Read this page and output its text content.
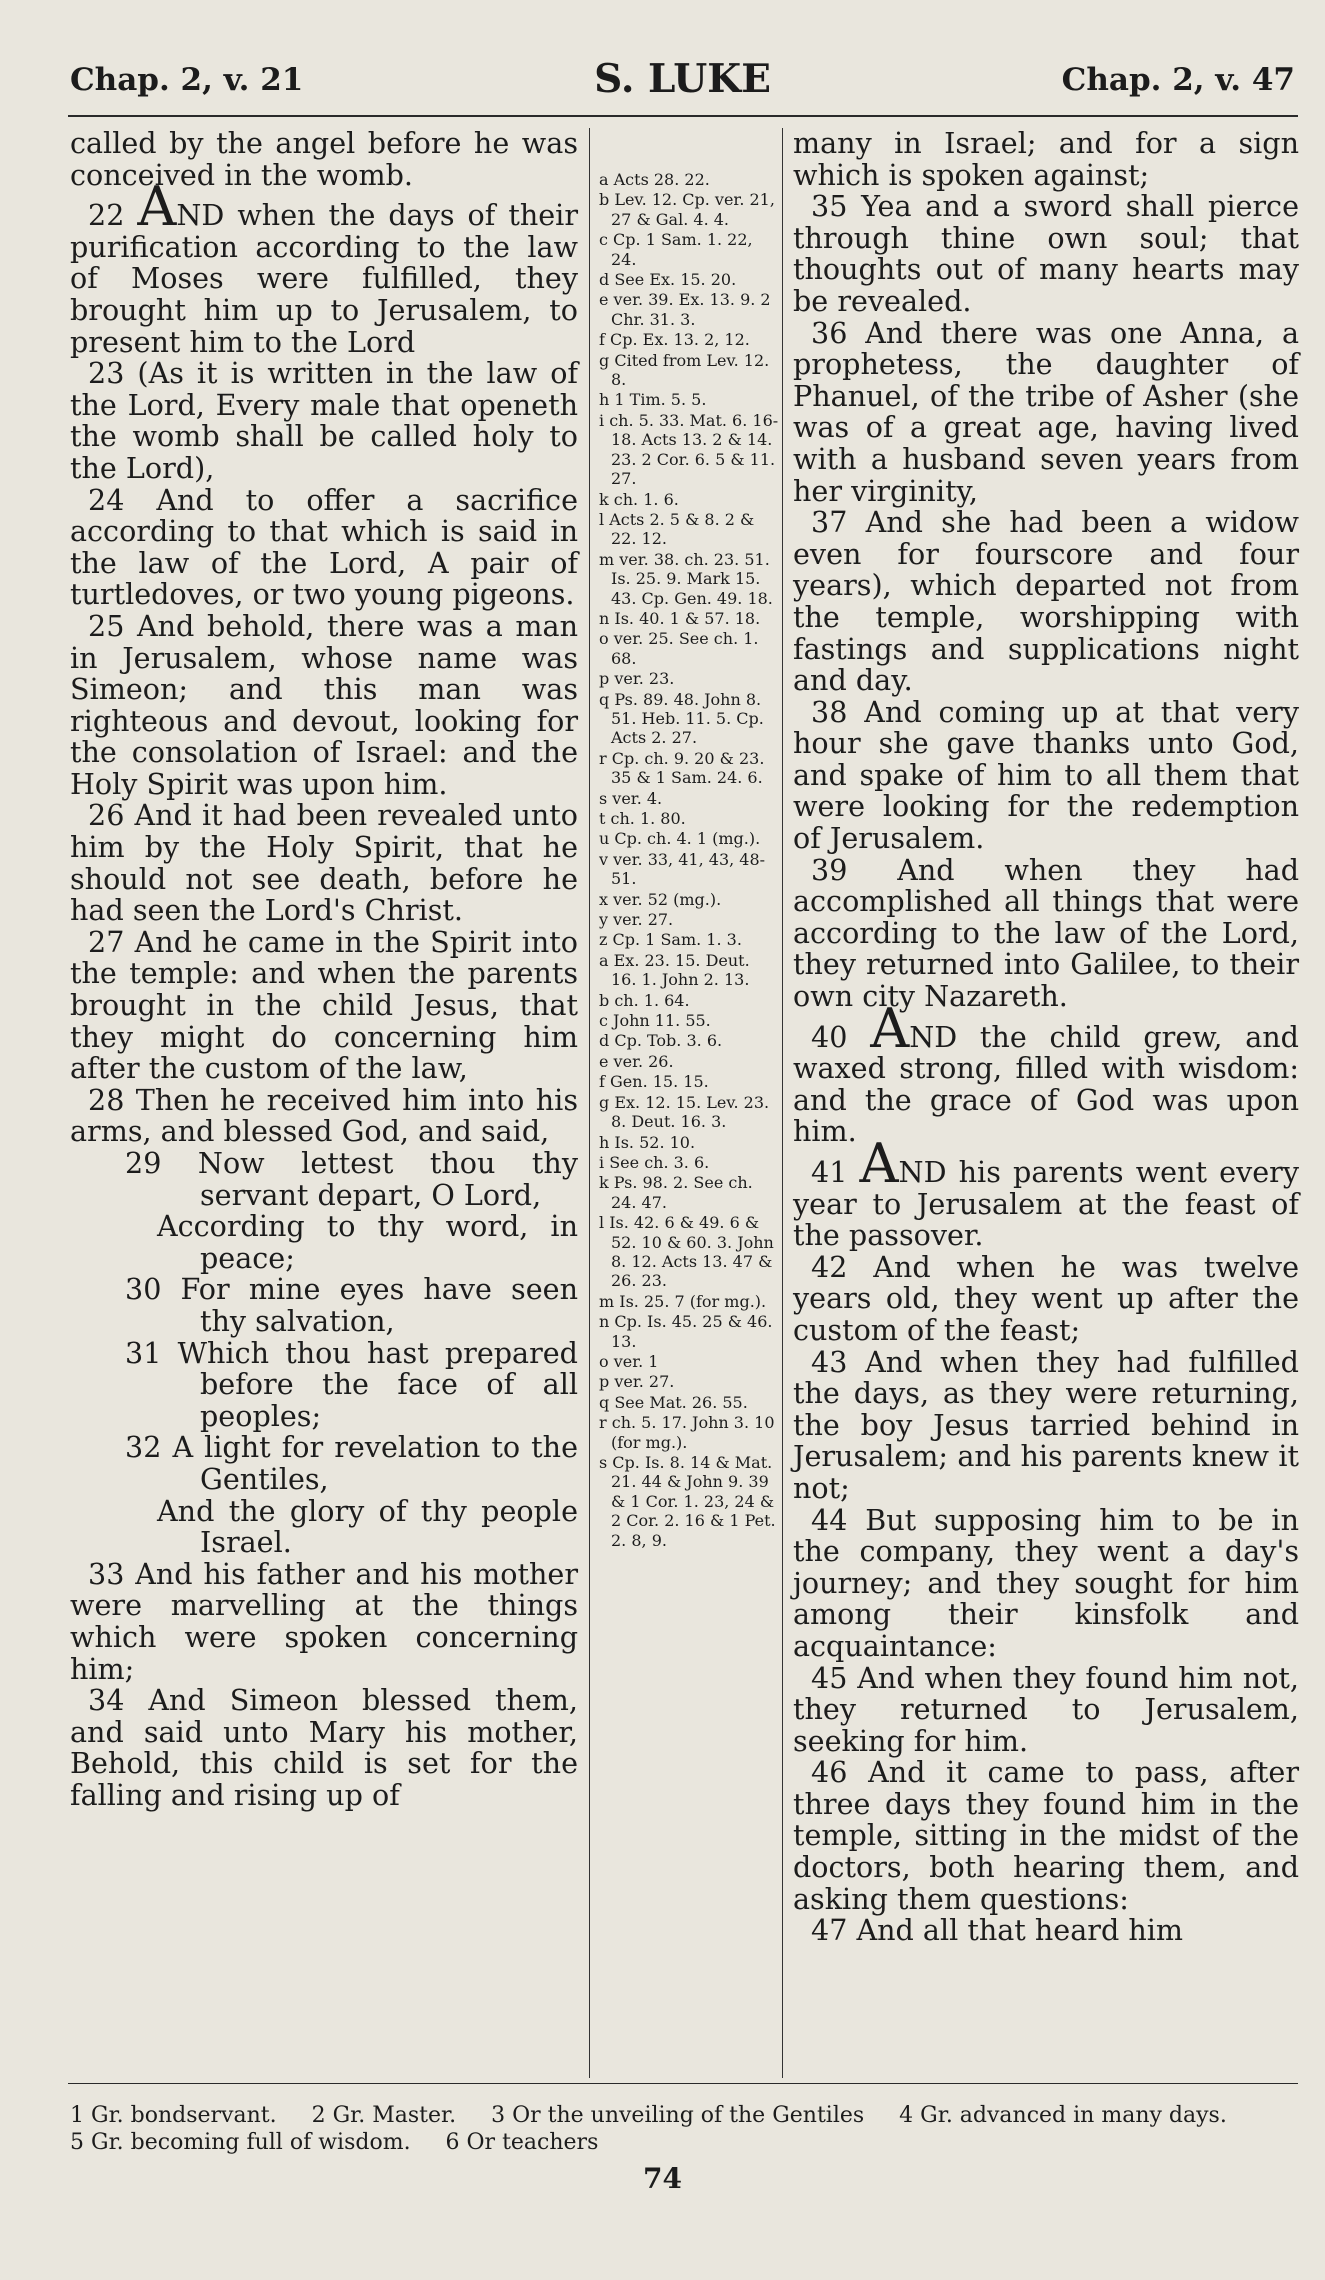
Chap. 2, v. 21	S. LUKE	Chap. 2, v. 47

called by the angel before he was conceived in the womb.

22 AND when the days of their purification according to the law of Moses were fulfilled, they brought him up to Jerusalem, to present him to the Lord

23 (As it is written in the law of the Lord, Every male that openeth the womb shall be called holy to the Lord),

24 And to offer a sacrifice according to that which is said in the law of the Lord, A pair of turtledoves, or two young pigeons.

25 And behold, there was a man in Jerusalem, whose name was Simeon; and this man was righteous and devout, looking for the consolation of Israel: and the Holy Spirit was upon him.

26 And it had been revealed unto him by the Holy Spirit, that he should not see death, before he had seen the Lord's Christ.

27 And he came in the Spirit into the temple: and when the parents brought in the child Jesus, that they might do concerning him after the custom of the law,

28 Then he received him into his arms, and blessed God, and said,

29 Now lettest thou thy servant depart, O Lord,

According to thy word, in peace;

30 For mine eyes have seen thy salvation,

31 Which thou hast prepared before the face of all peoples;

32 A light for revelation to the Gentiles,

And the glory of thy people Israel.

33 And his father and his mother were marvelling at the things which were spoken concerning him;

34 And Simeon blessed them, and said unto Mary his mother, Behold, this child is set for the falling and rising up of

a Acts 28. 22.
b Lev. 12. Cp. ver. 21, 27 & Gal. 4. 4.
c Cp. 1 Sam. 1. 22, 24.
d See Ex. 15. 20.
e ver. 39. Ex. 13. 9. 2 Chr. 31. 3.
f Cp. Ex. 13. 2, 12.
g Cited from Lev. 12. 8.
h 1 Tim. 5. 5.
i ch. 5. 33. Mat. 6. 16-18. Acts 13. 2 & 14. 23. 2 Cor. 6. 5 & 11. 27.
k ch. 1. 6.
l Acts 2. 5 & 8. 2 & 22. 12.
m ver. 38. ch. 23. 51. Is. 25. 9. Mark 15. 43. Cp. Gen. 49. 18.
n Is. 40. 1 & 57. 18.
o ver. 25. See ch. 1. 68.
p ver. 23.
q Ps. 89. 48. John 8. 51. Heb. 11. 5. Cp. Acts 2. 27.
r Cp. ch. 9. 20 & 23. 35 & 1 Sam. 24. 6.
s ver. 4.
t ch. 1. 80.
u Cp. ch. 4. 1 (mg.).
v ver. 33, 41, 43, 48-51.
x ver. 52 (mg.).
y ver. 27.
z Cp. 1 Sam. 1. 3.
a Ex. 23. 15. Deut. 16. 1. John 2. 13.
b ch. 1. 64.
c John 11. 55.
d Cp. Tob. 3. 6.
e ver. 26.
f Gen. 15. 15.
g Ex. 12. 15. Lev. 23. 8. Deut. 16. 3.
h Is. 52. 10.
i See ch. 3. 6.
k Ps. 98. 2. See ch. 24. 47.
l Is. 42. 6 & 49. 6 & 52. 10 & 60. 3. John 8. 12. Acts 13. 47 & 26. 23.
m Is. 25. 7 (for mg.).
n Cp. Is. 45. 25 & 46. 13.
o ver. 1
p ver. 27.
q See Mat. 26. 55.
r ch. 5. 17. John 3. 10 (for mg.).
s Cp. Is. 8. 14 & Mat. 21. 44 & John 9. 39 & 1 Cor. 1. 23, 24 & 2 Cor. 2. 16 & 1 Pet. 2. 8, 9.

many in Israel; and for a sign which is spoken against;

35 Yea and a sword shall pierce through thine own soul; that thoughts out of many hearts may be revealed.

36 And there was one Anna, a prophetess, the daughter of Phanuel, of the tribe of Asher (she was of a great age, having lived with a husband seven years from her virginity,

37 And she had been a widow even for fourscore and four years), which departed not from the temple, worshipping with fastings and supplications night and day.

38 And coming up at that very hour she gave thanks unto God, and spake of him to all them that were looking for the redemption of Jerusalem.

39 And when they had accomplished all things that were according to the law of the Lord, they returned into Galilee, to their own city Nazareth.

40 AND the child grew, and waxed strong, filled with wisdom: and the grace of God was upon him.

41 AND his parents went every year to Jerusalem at the feast of the passover.

42 And when he was twelve years old, they went up after the custom of the feast;

43 And when they had fulfilled the days, as they were returning, the boy Jesus tarried behind in Jerusalem; and his parents knew it not;

44 But supposing him to be in the company, they went a day's journey; and they sought for him among their kinsfolk and acquaintance:

45 And when they found him not, they returned to Jerusalem, seeking for him.

46 And it came to pass, after three days they found him in the temple, sitting in the midst of the doctors, both hearing them, and asking them questions:

47 And all that heard him

1 Gr. bondservant. 2 Gr. Master. 3 Or the unveiling of the Gentiles 4 Gr. advanced in many days.     5 Gr. becoming full of wisdom. 6 Or teachers
74
